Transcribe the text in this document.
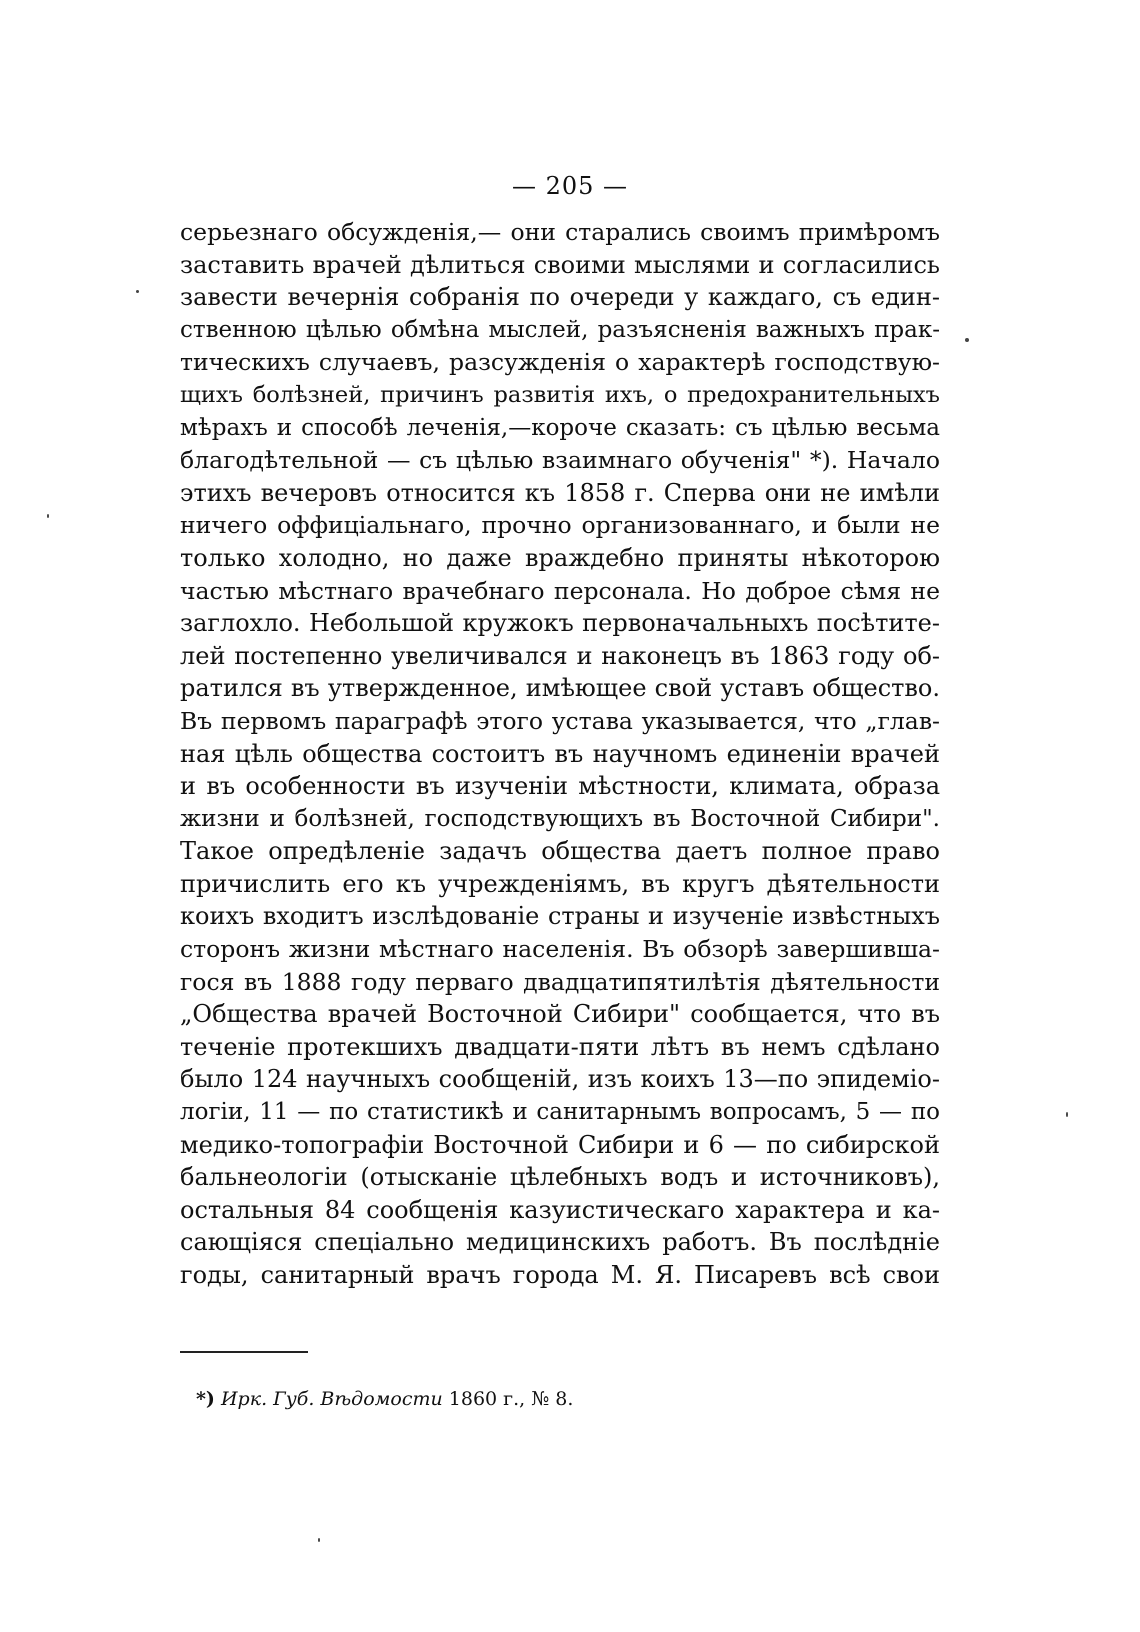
— 205 —
серьезнаго обсужденія,— они старались своимъ примѣромъ
заставить врачей дѣлиться своими мыслями и согласились
завести вечернія собранія по очереди у каждаго, съ един-
ственною цѣлью обмѣна мыслей, разъясненія важныхъ прак-
тическихъ случаевъ, разсужденія о характерѣ господствую-
щихъ болѣзней, причинъ развитія ихъ, о предохранительныхъ
мѣрахъ и способѣ леченія,—короче сказать: съ цѣлью весьма
благодѣтельной — съ цѣлью взаимнаго обученія" *). Начало
этихъ вечеровъ относится къ 1858 г. Сперва они не имѣли
ничего оффиціальнаго, прочно организованнаго, и были не
только холодно, но даже враждебно приняты нѣкоторою
частью мѣстнаго врачебнаго персонала. Но доброе сѣмя не
заглохло. Небольшой кружокъ первоначальныхъ посѣтите-
лей постепенно увеличивался и наконецъ въ 1863 году об-
ратился въ утвержденное, имѣющее свой уставъ общество.
Въ первомъ параграфѣ этого устава указывается, что „глав-
ная цѣль общества состоитъ въ научномъ единеніи врачей
и въ особенности въ изученіи мѣстности, климата, образа
жизни и болѣзней, господствующихъ въ Восточной Сибири".
Такое опредѣленіе задачъ общества даетъ полное право
причислить его къ учрежденіямъ, въ кругъ дѣятельности
коихъ входитъ изслѣдованіе страны и изученіе извѣстныхъ
сторонъ жизни мѣстнаго населенія. Въ обзорѣ завершивша-
гося въ 1888 году перваго двадцатипятилѣтія дѣятельности
„Общества врачей Восточной Сибири" сообщается, что въ
теченіе протекшихъ двадцати-пяти лѣтъ въ немъ сдѣлано
было 124 научныхъ сообщеній, изъ коихъ 13—по эпидеміо-
логіи, 11 — по статистикѣ и санитарнымъ вопросамъ, 5 — по
медико-топографіи Восточной Сибири и 6 — по сибирской
бальнеологіи (отысканіе цѣлебныхъ водъ и источниковъ),
остальныя 84 сообщенія казуистическаго характера и ка-
сающіяся спеціально медицинскихъ работъ. Въ послѣдніе
годы, санитарный врачъ города М. Я. Писаревъ всѣ свои
*) Ирк. Губ. Вѣдомости 1860 г., № 8.
